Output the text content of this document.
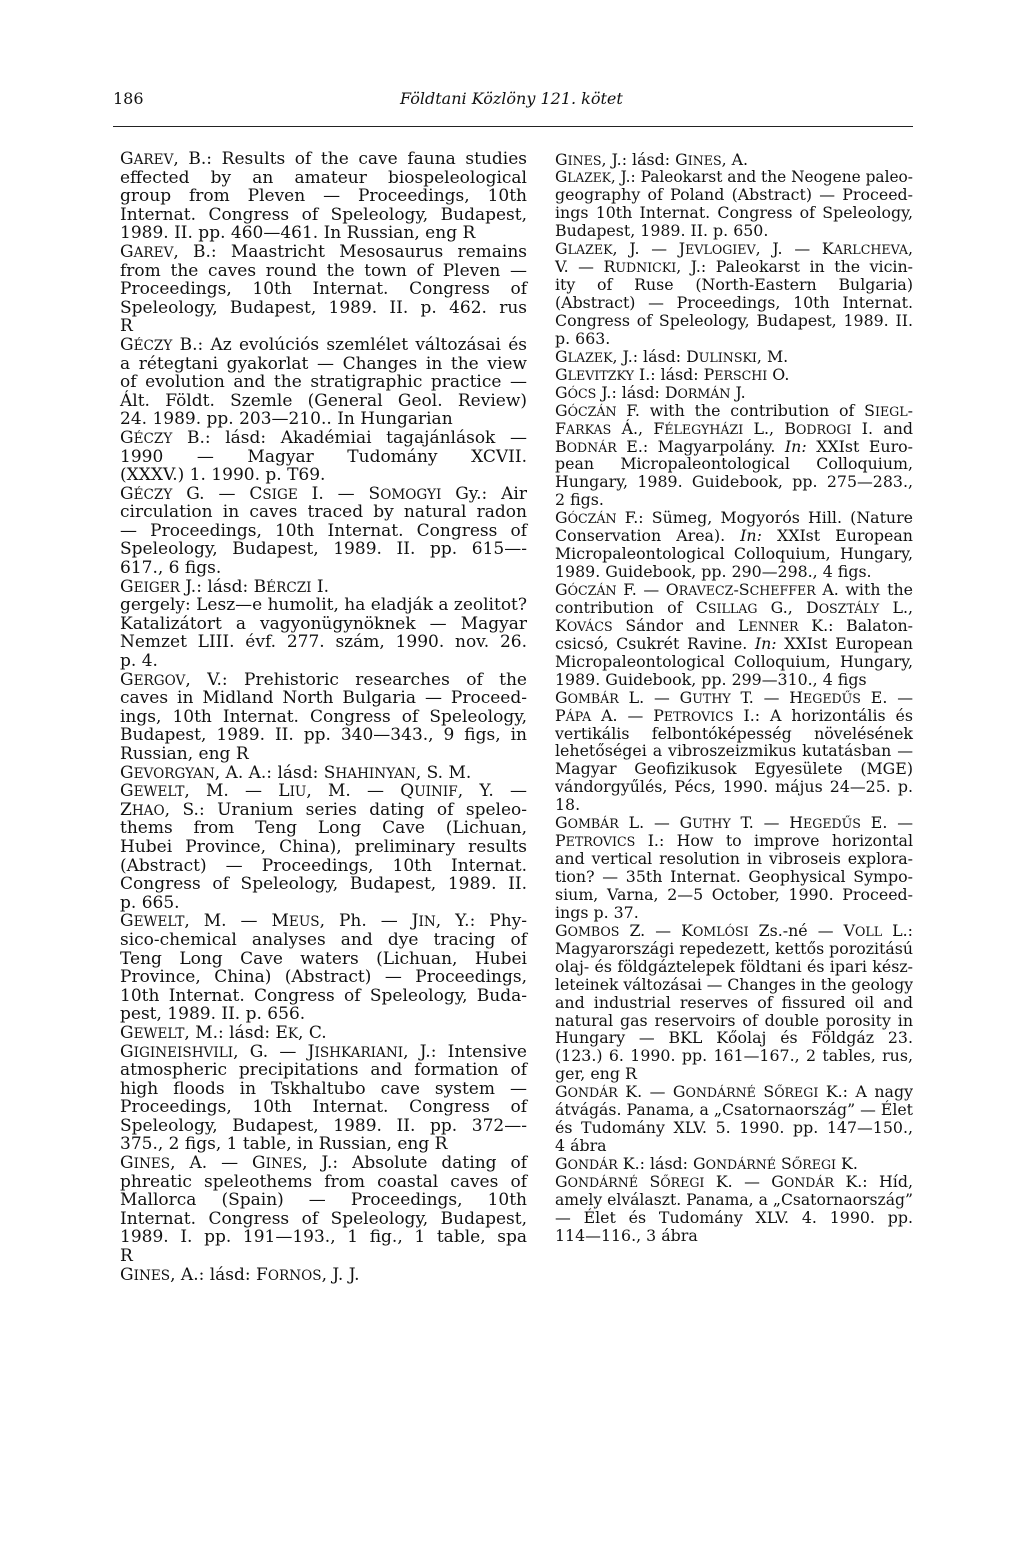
186	Földtani Közlöny 121. kötet
GAREV, B.: Results of the cave fauna studies
effected by an amateur biospeleological
group from Pleven — Proceedings, 10th
Internat. Congress of Speleology, Budapest,
1989. II. pp. 460—461. In Russian, eng R
GAREV, B.: Maastricht Mesosaurus remains
from the caves round the town of Pleven —
Proceedings, 10th Internat. Congress of
Speleology, Budapest, 1989. II. p. 462. rus
R
GÉCZY B.: Az evolúciós szemlélet változásai és
a rétegtani gyakorlat — Changes in the view
of evolution and the stratigraphic practice —
Ált. Földt. Szemle (General Geol. Review)
24. 1989. pp. 203—210.. In Hungarian
GÉCZY B.: lásd: Akadémiai tagajánlások —
1990 — Magyar Tudomány XCVII.
(XXXV.) 1. 1990. p. T69.
GÉCZY G. — CSIGE I. — SOMOGYI Gy.: Air
circulation in caves traced by natural radon
— Proceedings, 10th Internat. Congress of
Speleology, Budapest, 1989. II. pp. 615—-
617., 6 figs.
GEIGER J.: lásd: BÉRCZI I.
gergely: Lesz—e humolit, ha eladják a zeolitot?
Katalizátort a vagyonügynöknek — Magyar
Nemzet LIII. évf. 277. szám, 1990. nov. 26.
p. 4.
GERGOV, V.: Prehistoric researches of the
caves in Midland North Bulgaria — Proceed-
ings, 10th Internat. Congress of Speleology,
Budapest, 1989. II. pp. 340—343., 9 figs, in
Russian, eng R
GEVORGYAN, A. A.: lásd: SHAHINYAN, S. M.
GEWELT, M. — LIU, M. — QUINIF, Y. —
ZHAO, S.: Uranium series dating of speleo-
thems from Teng Long Cave (Lichuan,
Hubei Province, China), preliminary results
(Abstract) — Proceedings, 10th Internat.
Congress of Speleology, Budapest, 1989. II.
p. 665.
GEWELT, M. — MEUS, Ph. — JIN, Y.: Phy-
sico-chemical analyses and dye tracing of
Teng Long Cave waters (Lichuan, Hubei
Province, China) (Abstract) — Proceedings,
10th Internat. Congress of Speleology, Buda-
pest, 1989. II. p. 656.
GEWELT, M.: lásd: EK, C.
GIGINEISHVILI, G. — JISHKARIANI, J.: Intensive
atmospheric precipitations and formation of
high floods in Tskhaltubo cave system —
Proceedings, 10th Internat. Congress of
Speleology, Budapest, 1989. II. pp. 372—-
375., 2 figs, 1 table, in Russian, eng R
GINES, A. — GINES, J.: Absolute dating of
phreatic speleothems from coastal caves of
Mallorca (Spain) — Proceedings, 10th
Internat. Congress of Speleology, Budapest,
1989. I. pp. 191—193., 1 fig., 1 table, spa
R
GINES, A.: lásd: FORNOS, J. J.
GINES, J.: lásd: GINES, A.
GLAZEK, J.: Paleokarst and the Neogene paleo-
geography of Poland (Abstract) — Proceed-
ings 10th Internat. Congress of Speleology,
Budapest, 1989. II. p. 650.
GLAZEK, J. — JEVLOGIEV, J. — KARLCHEVA,
V. — RUDNICKI, J.: Paleokarst in the vicin-
ity of Ruse (North-Eastern Bulgaria)
(Abstract) — Proceedings, 10th Internat.
Congress of Speleology, Budapest, 1989. II.
p. 663.
GLAZEK, J.: lásd: DULINSKI, M.
GLEVITZKY I.: lásd: PERSCHI O.
GÓCS J.: lásd: DORMÁN J.
GÓCZÁN F. with the contribution of SIEGL-
FARKAS Á., FÉLEGYHÁZI L., BODROGI I. and
BODNÁR E.: Magyarpolány. In: XXIst Euro-
pean Micropaleontological Colloquium,
Hungary, 1989. Guidebook, pp. 275—283.,
2 figs.
GÓCZÁN F.: Sümeg, Mogyorós Hill. (Nature
Conservation Area). In: XXIst European
Micropaleontological Colloquium, Hungary,
1989. Guidebook, pp. 290—298., 4 figs.
GÓCZÁN F. — ORAVECZ-SCHEFFER A. with the
contribution of CSILLAG G., DOSZTÁLY L.,
KOVÁCS Sándor and LENNER K.: Balaton-
csicsó, Csukrét Ravine. In: XXIst European
Micropaleontological Colloquium, Hungary,
1989. Guidebook, pp. 299—310., 4 figs
GOMBÁR L. — GUTHY T. — HEGEDŰS E. —
PÁPA A. — PETROVICS I.: A horizontális és
vertikális felbontóképesség növelésének
lehetőségei a vibroszeizmikus kutatásban —
Magyar Geofizikusok Egyesülete (MGE)
vándorgyűlés, Pécs, 1990. május 24—25. p.
18.
GOMBÁR L. — GUTHY T. — HEGEDŰS E. —
PETROVICS I.: How to improve horizontal
and vertical resolution in vibroseis explora-
tion? — 35th Internat. Geophysical Sympo-
sium, Varna, 2—5 October, 1990. Proceed-
ings p. 37.
GOMBOS Z. — KOMLÓSI Zs.-né — VOLL L.:
Magyarországi repedezett, kettős porozitású
olaj- és földgáztelepek földtani és ipari kész-
leteinek változásai — Changes in the geology
and industrial reserves of fissured oil and
natural gas reservoirs of double porosity in
Hungary — BKL Kőolaj és Földgáz 23.
(123.) 6. 1990. pp. 161—167., 2 tables, rus,
ger, eng R
GONDÁR K. — GONDÁRNÉ SŐREGI K.: A nagy
átvágás. Panama, a „Csatornaország” — Élet
és Tudomány XLV. 5. 1990. pp. 147—150.,
4 ábra
GONDÁR K.: lásd: GONDÁRNÉ SŐREGI K.
GONDÁRNÉ SŐREGI K. — GONDÁR K.: Híd,
amely elválaszt. Panama, a „Csatornaország”
— Élet és Tudomány XLV. 4. 1990. pp.
114—116., 3 ábra
